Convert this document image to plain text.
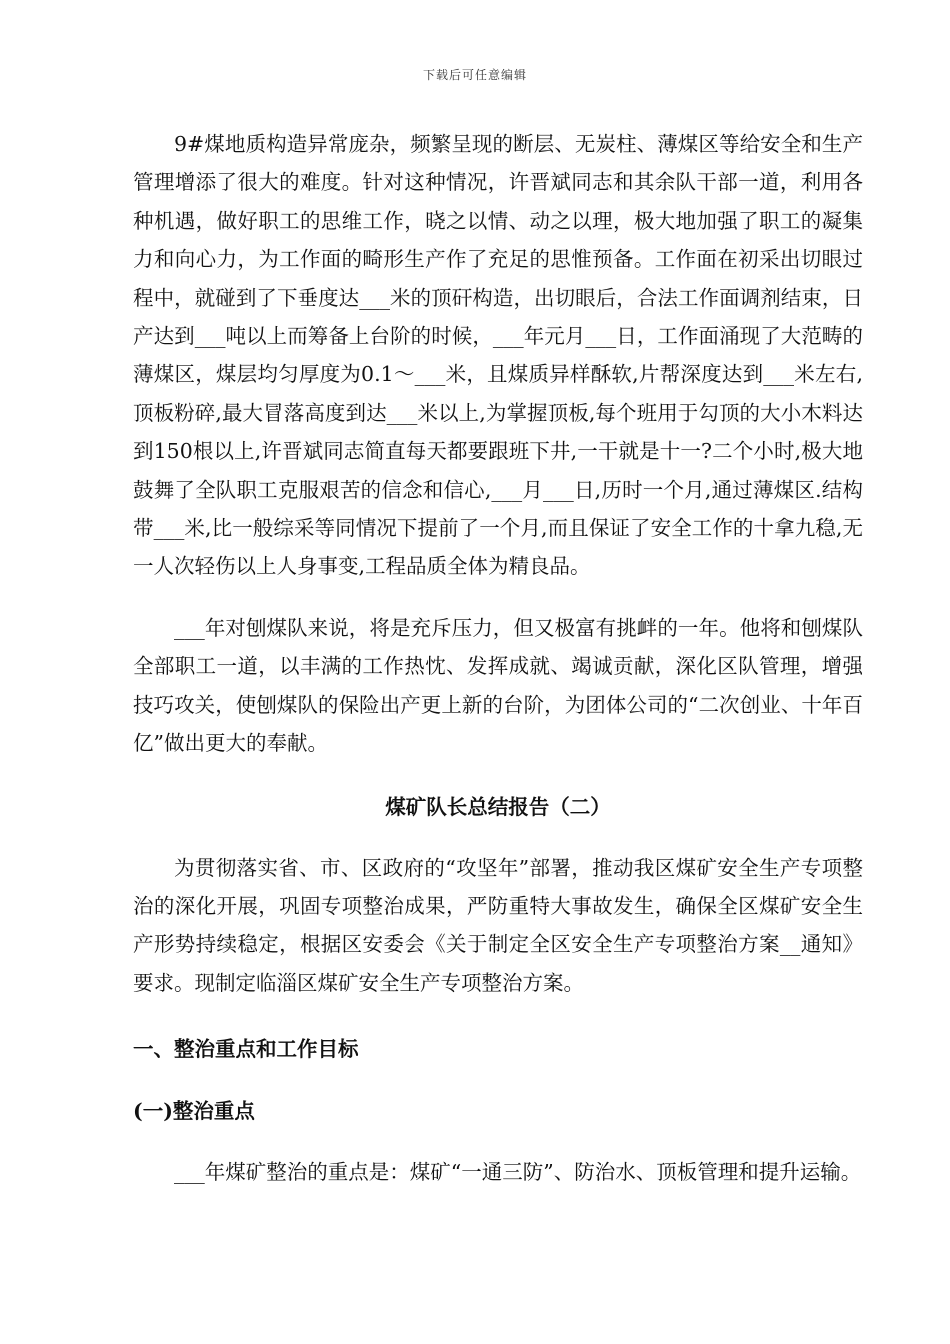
下载后可任意编辑

9#煤地质构造异常庞杂，频繁呈现的断层、无炭柱、薄煤区等给安全和生产管理增添了很大的难度。针对这种情况，许晋斌同志和其余队干部一道，利用各种机遇，做好职工的思维工作，晓之以情、动之以理，极大地加强了职工的凝集力和向心力，为工作面的畸形生产作了充足的思惟预备。工作面在初采出切眼过程中，就碰到了下垂度达___米的顶矸构造，出切眼后，合法工作面调剂结束，日产达到___吨以上而筹备上台阶的时候，___年元月___日，工作面涌现了大范畴的薄煤区，煤层均匀厚度为0.1～___米，且煤质异样酥软,片帮深度达到___米左右,顶板粉碎,最大冒落高度到达___米以上,为掌握顶板,每个班用于勾顶的大小木料达到150根以上,许晋斌同志简直每天都要跟班下井,一干就是十一?二个小时,极大地鼓舞了全队职工克服艰苦的信念和信心,___月___日,历时一个月,通过薄煤区.结构带___米,比一般综采等同情况下提前了一个月,而且保证了安全工作的十拿九稳,无一人次轻伤以上人身事变,工程品质全体为精良品。

___年对刨煤队来说，将是充斥压力，但又极富有挑衅的一年。他将和刨煤队全部职工一道，以丰满的工作热忱、发挥成就、竭诚贡献，深化区队管理，增强技巧攻关，使刨煤队的保险出产更上新的台阶，为团体公司的“二次创业、十年百亿”做出更大的奉献。

煤矿队长总结报告（二）

为贯彻落实省、市、区政府的“攻坚年”部署，推动我区煤矿安全生产专项整治的深化开展，巩固专项整治成果，严防重特大事故发生，确保全区煤矿安全生产形势持续稳定，根据区安委会《关于制定全区安全生产专项整治方案__通知》要求。现制定临淄区煤矿安全生产专项整治方案。

一、整治重点和工作目标

(一)整治重点

___年煤矿整治的重点是：煤矿“一通三防”、防治水、顶板管理和提升运输。
